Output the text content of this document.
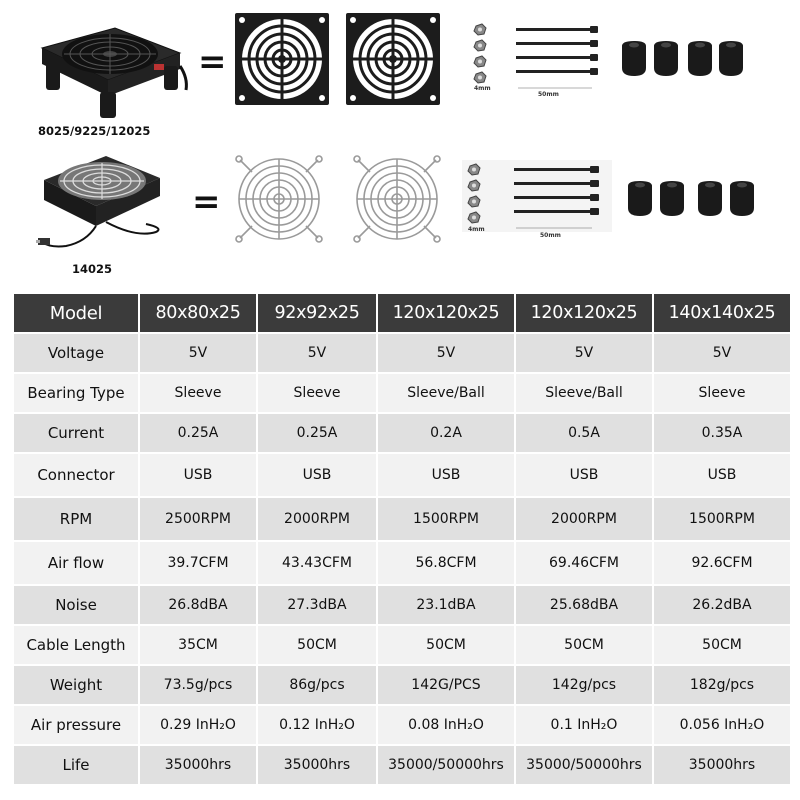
8025/9225/12025
=
4mm
50mm
14025
=
4mm
50mm
Model	80x80x25	92x92x25	120x120x25	120x120x25	140x140x25
Voltage	5V	5V	5V	5V	5V
Bearing Type	Sleeve	Sleeve	Sleeve/Ball	Sleeve/Ball	Sleeve
Current	0.25A	0.25A	0.2A	0.5A	0.35A
Connector	USB	USB	USB	USB	USB
RPM	2500RPM	2000RPM	1500RPM	2000RPM	1500RPM
Air flow	39.7CFM	43.43CFM	56.8CFM	69.46CFM	92.6CFM
Noise	26.8dBA	27.3dBA	23.1dBA	25.68dBA	26.2dBA
Cable Length	35CM	50CM	50CM	50CM	50CM
Weight	73.5g/pcs	86g/pcs	142G/PCS	142g/pcs	182g/pcs
Air pressure	0.29 InH₂O	0.12 InH₂O	0.08 InH₂O	0.1 InH₂O	0.056 InH₂O
Life	35000hrs	35000hrs	35000/50000hrs	35000/50000hrs	35000hrs
